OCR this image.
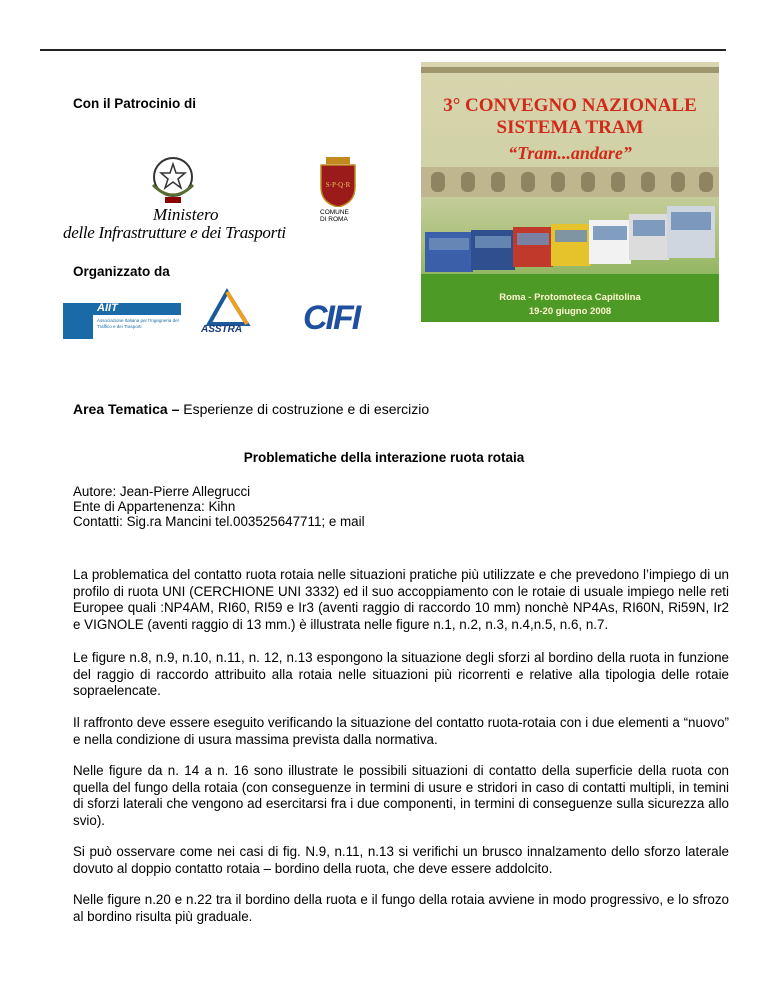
Con il Patrocinio di
Ministero
delle Infrastrutture e dei Trasporti
S·P·Q·R
COMUNE
DI ROMA
Organizzato da
AIIT
Associazione Italiana per l'Ingegneria del Traffico e dei Trasporti	ASSTRA CIFI
3° CONVEGNO NAZIONALE
SISTEMA TRAM
“Tram...andare”
Roma - Protomoteca Capitolina
19-20 giugno 2008
Area Tematica – Esperienze di costruzione e di esercizio
Problematiche della interazione ruota rotaia
Autore: Jean-Pierre Allegrucci
Ente di Appartenenza: Kihn
Contatti: Sig.ra Mancini tel.003525647711; e mail
La problematica del contatto ruota rotaia nelle situazioni pratiche più utilizzate e che prevedono l’impiego di un profilo di ruota UNI (CERCHIONE UNI 3332) ed il suo accoppiamento con le rotaie di usuale impiego nelle reti Europee quali :NP4AM, RI60, RI59 e Ir3 (aventi raggio di raccordo 10 mm) nonchè NP4As, RI60N, Ri59N, Ir2 e VIGNOLE (aventi raggio di 13 mm.) è illustrata nelle figure n.1, n.2, n.3, n.4,n.5, n.6, n.7.
Le figure n.8, n.9, n.10, n.11, n. 12, n.13 espongono la situazione degli sforzi al bordino della ruota in funzione del raggio di raccordo attribuito alla rotaia nelle situazioni più ricorrenti e relative alla tipologia delle rotaie sopraelencate.
Il raffronto deve essere eseguito verificando la situazione del contatto ruota-rotaia con i due elementi a “nuovo” e nella condizione di usura massima prevista dalla normativa.
Nelle figure da n. 14 a n. 16 sono illustrate le possibili situazioni di contatto della superficie della ruota con quella del fungo della rotaia (con conseguenze in termini di usure e stridori in caso di contatti multipli, in temini di sforzi laterali che vengono ad esercitarsi fra i due componenti, in termini di conseguenze sulla sicurezza allo svio).
Si può osservare come nei casi di fig. N.9, n.11, n.13 si verifichi un brusco innalzamento dello sforzo laterale dovuto al doppio contatto rotaia – bordino della ruota, che deve essere addolcito.
Nelle figure n.20 e n.22 tra il bordino della ruota e il fungo della rotaia avviene in modo progressivo, e lo sfrozo al bordino risulta più graduale.
